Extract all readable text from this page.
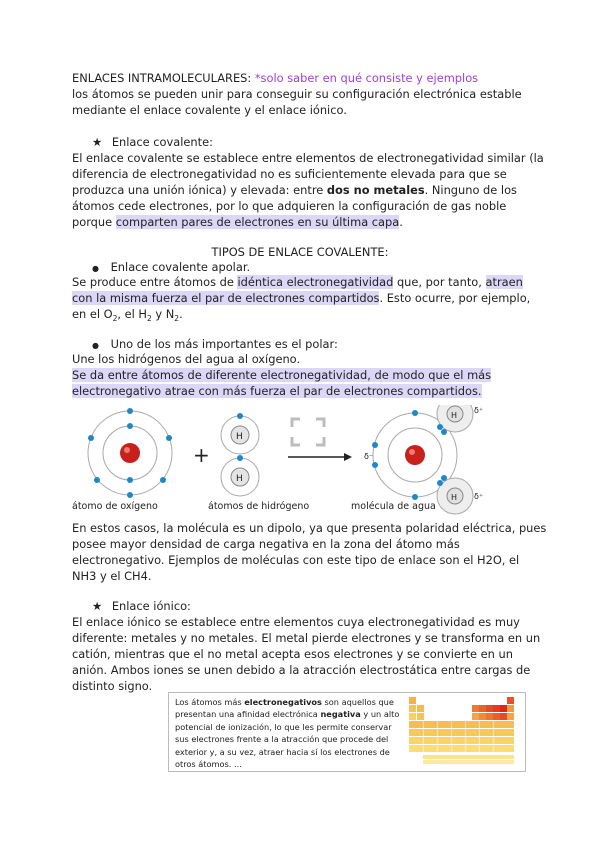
ENLACES INTRAMOLECULARES: *solo saber en qué consiste y ejemplos
los átomos se pueden unir para conseguir su configuración electrónica estable
mediante el enlace covalente y el enlace iónico.
★ Enlace covalente:
El enlace covalente se establece entre elementos de electronegatividad similar (la
diferencia de electronegatividad no es suficientemente elevada para que se
produzca una unión iónica) y elevada: entre dos no metales. Ninguno de los
átomos cede electrones, por lo que adquieren la configuración de gas noble
porque comparten pares de electrones en su última capa.
TIPOS DE ENLACE COVALENTE:
● Enlace covalente apolar.
Se produce entre átomos de idéntica electronegatividad que, por tanto, atraen
con la misma fuerza el par de electrones compartidos. Esto ocurre, por ejemplo,
en el $O_2$, el $H_2$ y $N_2$.
● Uno de los más importantes es el polar:
Une los hidrógenos del agua al oxígeno.
Se da entre átomos de diferente electronegatividad, de modo que el más
electronegativo atrae con más fuerza el par de electrones compartidos.
+
H
H
H
H
δ⁺
δ⁺
δ⁻
átomo de oxígeno	átomos de hidrógeno	molécula de agua
En estos casos, la molécula es un dipolo, ya que presenta polaridad eléctrica, pues
posee mayor densidad de carga negativa en la zona del átomo más
electronegativo. Ejemplos de moléculas con este tipo de enlace son el H2O, el
NH3 y el CH4.
★ Enlace iónico:
El enlace iónico se establece entre elementos cuya electronegatividad es muy
diferente: metales y no metales. El metal pierde electrones y se transforma en un
catión, mientras que el no metal acepta esos electrones y se convierte en un
anión. Ambos iones se unen debido a la atracción electrostática entre cargas de
distinto signo.
Los átomos más electronegativos son aquellos que
presentan una afinidad electrónica negativa y un alto
potencial de ionización, lo que les permite conservar
sus electrones frente a la atracción que procede del
exterior y, a su vez, atraer hacia sí los electrones de
otros átomos. ...
